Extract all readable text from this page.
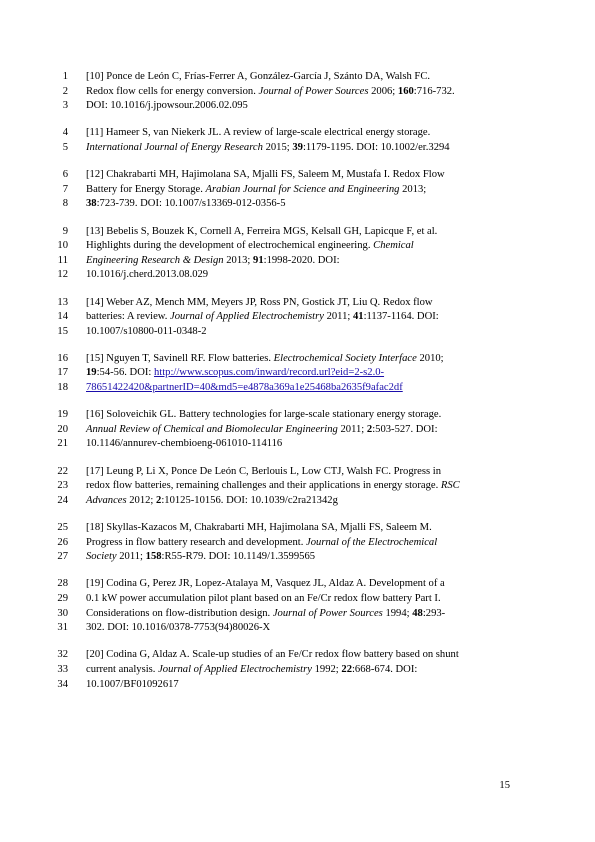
1 [10] Ponce de León C, Frías-Ferrer A, González-García J, Szánto DA, Walsh FC.
2 Redox flow cells for energy conversion. Journal of Power Sources 2006; 160:716-732.
3 DOI: 10.1016/j.jpowsour.2006.02.095
4 [11] Hameer S, van Niekerk JL. A review of large-scale electrical energy storage.
5 International Journal of Energy Research 2015; 39:1179-1195. DOI: 10.1002/er.3294
6 [12] Chakrabarti MH, Hajimolana SA, Mjalli FS, Saleem M, Mustafa I. Redox Flow
7 Battery for Energy Storage. Arabian Journal for Science and Engineering 2013;
8 38:723-739. DOI: 10.1007/s13369-012-0356-5
9 [13] Bebelis S, Bouzek K, Cornell A, Ferreira MGS, Kelsall GH, Lapicque F, et al.
10 Highlights during the development of electrochemical engineering. Chemical
11 Engineering Research & Design 2013; 91:1998-2020. DOI:
12 10.1016/j.cherd.2013.08.029
13 [14] Weber AZ, Mench MM, Meyers JP, Ross PN, Gostick JT, Liu Q. Redox flow
14 batteries: A review. Journal of Applied Electrochemistry 2011; 41:1137-1164. DOI:
15 10.1007/s10800-011-0348-2
16 [15] Nguyen T, Savinell RF. Flow batteries. Electrochemical Society Interface 2010;
17 19:54-56. DOI: http://www.scopus.com/inward/record.url?eid=2-s2.0-
18 78651422420&partnerID=40&md5=e4878a369a1e25468ba2635f9afac2df
19 [16] Soloveichik GL. Battery technologies for large-scale stationary energy storage.
20 Annual Review of Chemical and Biomolecular Engineering 2011; 2:503-527. DOI:
21 10.1146/annurev-chembioeng-061010-114116
22 [17] Leung P, Li X, Ponce De León C, Berlouis L, Low CTJ, Walsh FC. Progress in
23 redox flow batteries, remaining challenges and their applications in energy storage. RSC
24 Advances 2012; 2:10125-10156. DOI: 10.1039/c2ra21342g
25 [18] Skyllas-Kazacos M, Chakrabarti MH, Hajimolana SA, Mjalli FS, Saleem M.
26 Progress in flow battery research and development. Journal of the Electrochemical
27 Society 2011; 158:R55-R79. DOI: 10.1149/1.3599565
28 [19] Codina G, Perez JR, Lopez-Atalaya M, Vasquez JL, Aldaz A. Development of a
29 0.1 kW power accumulation pilot plant based on an Fe/Cr redox flow battery Part I.
30 Considerations on flow-distribution design. Journal of Power Sources 1994; 48:293-
31 302. DOI: 10.1016/0378-7753(94)80026-X
32 [20] Codina G, Aldaz A. Scale-up studies of an Fe/Cr redox flow battery based on shunt
33 current analysis. Journal of Applied Electrochemistry 1992; 22:668-674. DOI:
34 10.1007/BF01092617
15
